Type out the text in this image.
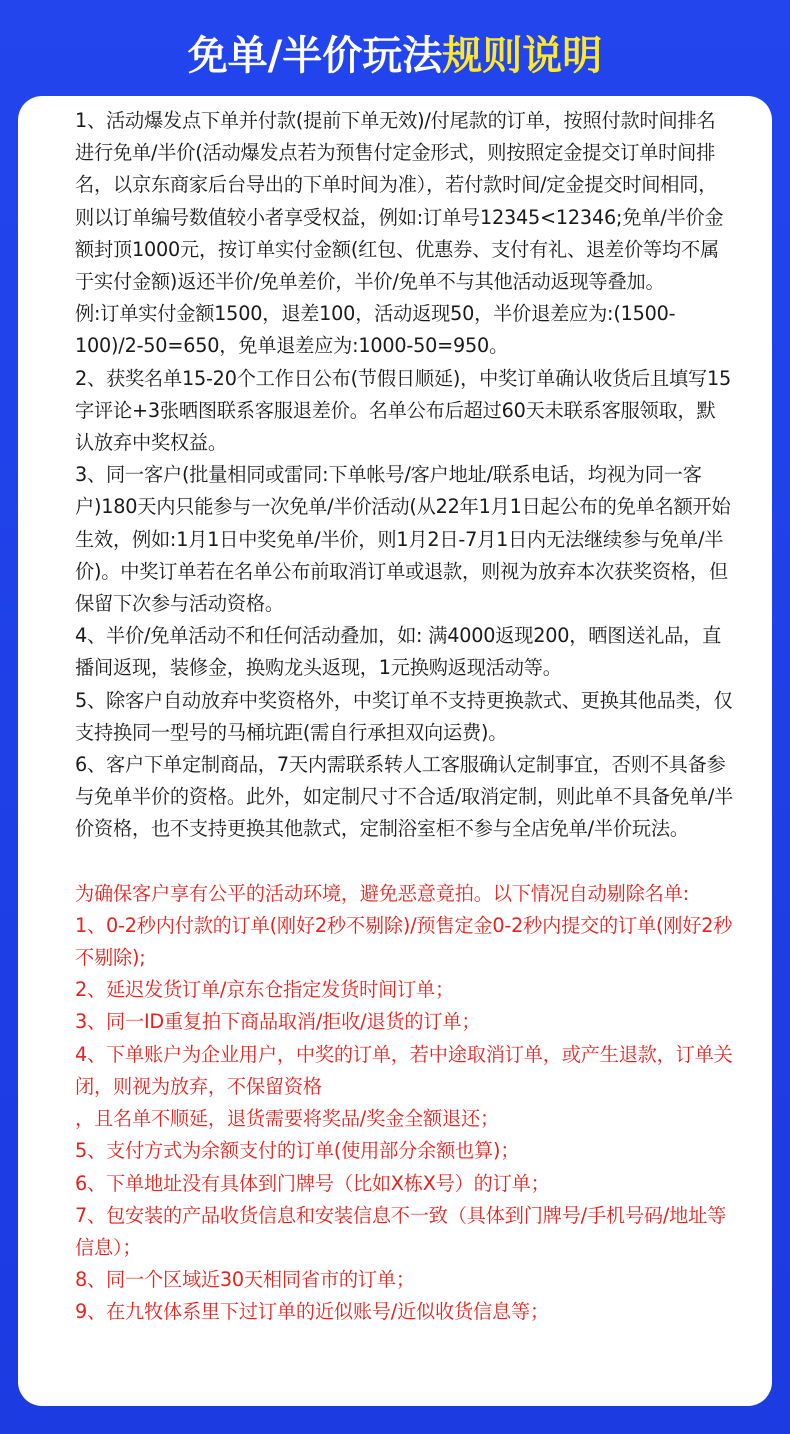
免单/半价玩法规则说明

1、活动爆发点下单并付款(提前下单无效)/付尾款的订单，按照付款时间排名进行免单/半价(活动爆发点若为预售付定金形式，则按照定金提交订单时间排名，以京东商家后台导出的下单时间为准），若付款时间/定金提交时间相同，则以订单编号数值较小者享受权益，例如:订单号12345<12346;免单/半价金额封顶1000元，按订单实付金额(红包、优惠券、支付有礼、退差价等均不属于实付金额)返还半价/免单差价，半价/免单不与其他活动返现等叠加。

例:订单实付金额1500，退差100，活动返现50，半价退差应为:(1500-100)/2-50=650，免单退差应为:1000-50=950。

2、获奖名单15-20个工作日公布(节假日顺延)，中奖订单确认收货后且填写15字评论+3张晒图联系客服退差价。名单公布后超过60天未联系客服领取，默认放弃中奖权益。

3、同一客户(批量相同或雷同:下单帐号/客户地址/联系电话，均视为同一客户)180天内只能参与一次免单/半价活动(从22年1月1日起公布的免单名额开始生效，例如:1月1日中奖免单/半价，则1月2日-7月1日内无法继续参与免单/半价)。中奖订单若在名单公布前取消订单或退款，则视为放弃本次获奖资格，但保留下次参与活动资格。

4、半价/免单活动不和任何活动叠加，如: 满4000返现200，晒图送礼品，直播间返现，装修金，换购龙头返现，1元换购返现活动等。

5、除客户自动放弃中奖资格外，中奖订单不支持更换款式、更换其他品类，仅支持换同一型号的马桶坑距(需自行承担双向运费)。

6、客户下单定制商品，7天内需联系转人工客服确认定制事宜，否则不具备参与免单半价的资格。此外，如定制尺寸不合适/取消定制，则此单不具备免单/半价资格，也不支持更换其他款式，定制浴室柜不参与全店免单/半价玩法。

为确保客户享有公平的活动环境，避免恶意竟拍。以下情况自动剔除名单:

1、0-2秒内付款的订单(刚好2秒不剔除)/预售定金0-2秒内提交的订单(刚好2秒不剔除);

2、延迟发货订单/京东仓指定发货时间订单；

3、同一ID重复拍下商品取消/拒收/退货的订单；

4、下单账户为企业用户，中奖的订单，若中途取消订单，或产生退款，订单关闭，则视为放弃，不保留资格

，且名单不顺延，退货需要将奖品/奖金全额退还；

5、支付方式为余额支付的订单(使用部分余额也算)；

6、下单地址没有具体到门牌号（比如X栋X号）的订单；

7、包安装的产品收货信息和安装信息不一致（具体到门牌号/手机号码/地址等信息）；

8、同一个区域近30天相同省市的订单；

9、在九牧体系里下过订单的近似账号/近似收货信息等；
